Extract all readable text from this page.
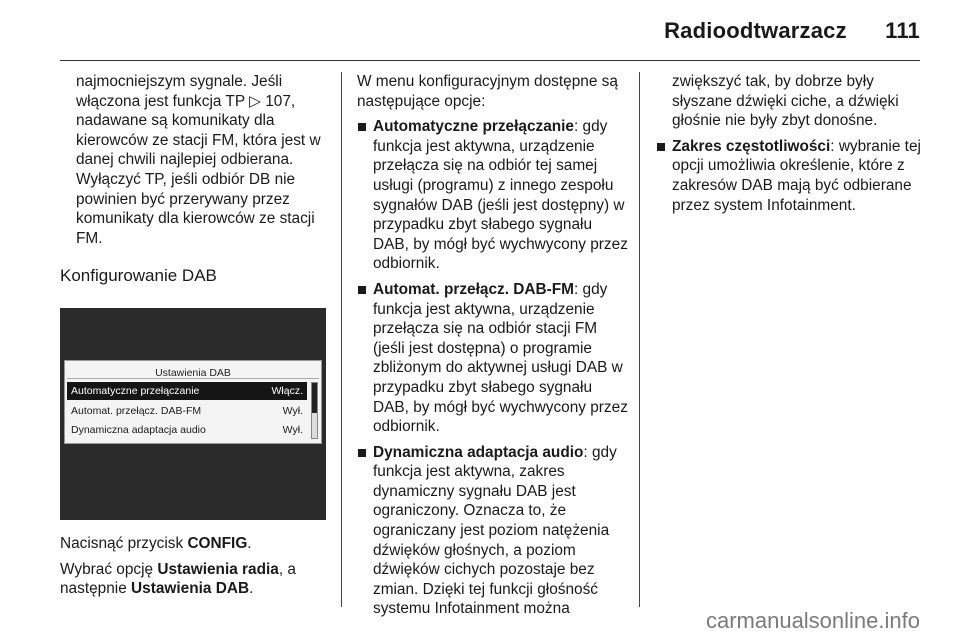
Radioodtwarzacz 111

najmocniejszym sygnale. Jeśli włączona jest funkcja TP ▷ 107, nadawane są komunikaty dla kierowców ze stacji FM, która jest w danej chwili najlepiej odbierana. Wyłączyć TP, jeśli odbiór DB nie powinien być przerywany przez komunikaty dla kierowców ze stacji FM.

Konfigurowanie DAB

Ustawienia DAB
Automatyczne przełączanie	Włącz.
Automat. przełącz. DAB-FM	Wył.
Dynamiczna adaptacja audio	Wył.

Nacisnąć przycisk CONFIG.

Wybrać opcję Ustawienia radia, a następnie Ustawienia DAB.

W menu konfiguracyjnym dostępne są następujące opcje:

Automatyczne przełączanie: gdy funkcja jest aktywna, urządzenie przełącza się na odbiór tej samej usługi (programu) z innego zespołu sygnałów DAB (jeśli jest dostępny) w przypadku zbyt słabego sygnału DAB, by mógł być wychwycony przez odbiornik.

Automat. przełącz. DAB-FM: gdy funkcja jest aktywna, urządzenie przełącza się na odbiór stacji FM (jeśli jest dostępna) o programie zbliżonym do aktywnej usługi DAB w przypadku zbyt słabego sygnału DAB, by mógł być wychwycony przez odbiornik.

Dynamiczna adaptacja audio: gdy funkcja jest aktywna, zakres dynamiczny sygnału DAB jest ograniczony. Oznacza to, że ograniczany jest poziom natężenia dźwięków głośnych, a poziom dźwięków cichych pozostaje bez zmian. Dzięki tej funkcji głośność systemu Infotainment można

zwiększyć tak, by dobrze były słyszane dźwięki ciche, a dźwięki głośnie nie były zbyt donośne.

Zakres częstotliwości: wybranie tej opcji umożliwia określenie, które z zakresów DAB mają być odbierane przez system Infotainment.

carmanualsonline.info
